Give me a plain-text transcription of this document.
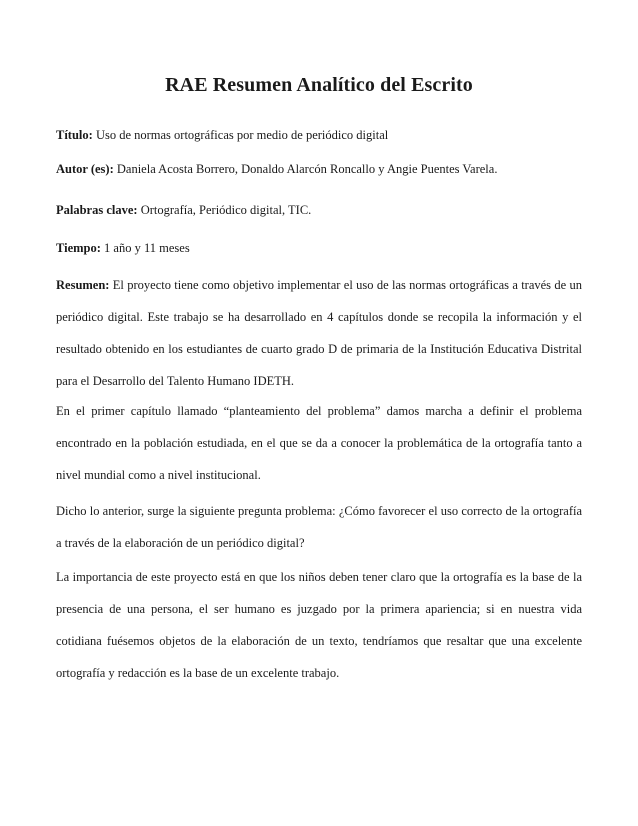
RAE Resumen Analítico del Escrito
Título: Uso de normas ortográficas por medio de periódico digital
Autor (es): Daniela Acosta Borrero, Donaldo Alarcón Roncallo y Angie Puentes Varela.
Palabras clave: Ortografía, Periódico digital, TIC.
Tiempo: 1 año y 11 meses
Resumen: El proyecto tiene como objetivo implementar el uso de las normas ortográficas a través de un periódico digital. Este trabajo se ha desarrollado en 4 capítulos donde se recopila la información y el resultado obtenido en los estudiantes de cuarto grado D de primaria de la Institución Educativa Distrital para el Desarrollo del Talento Humano IDETH.
En el primer capítulo llamado “planteamiento del problema” damos marcha a definir el problema encontrado en la población estudiada, en el que se da a conocer la problemática de la ortografía tanto a nivel mundial como a nivel institucional.
Dicho lo anterior, surge la siguiente pregunta problema: ¿Cómo favorecer el uso correcto de la ortografía a través de la elaboración de un periódico digital?
La importancia de este proyecto está en que los niños deben tener claro que la ortografía es la base de la presencia de una persona, el ser humano es juzgado por la primera apariencia; si en nuestra vida cotidiana fuésemos objetos de la elaboración de un texto, tendríamos que resaltar que una excelente ortografía y redacción es la base de un excelente trabajo.
